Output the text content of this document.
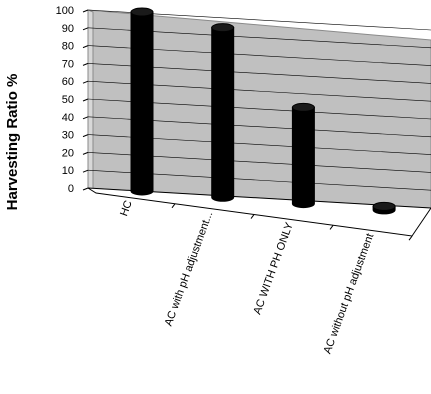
0
10
20
30
40
50
60
70
80
90
100
HC
AC with pH adjustment...	AC WITH PH ONLY AC without pH adjustment
Harvesting Ratio %
